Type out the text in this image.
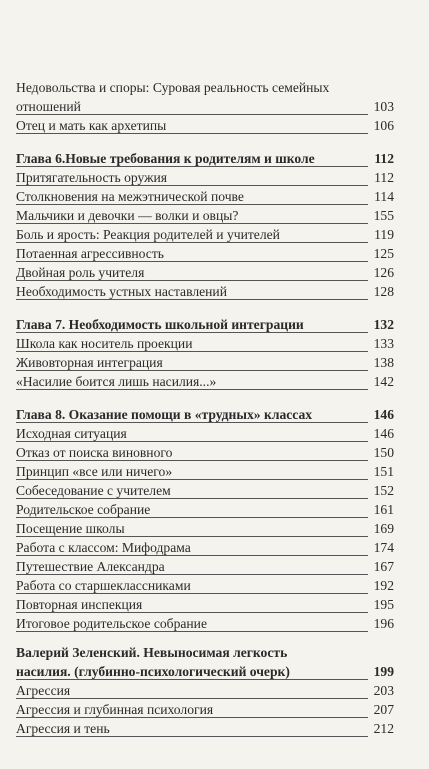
Недовольства и споры: Суровая реальность семейных отношений	103
Отец и мать как архетипы	106
Глава 6.Новые требования к родителям и школе	112
Притягательность оружия	112
Столкновения на межэтнической почве	114
Мальчики и девочки — волки и овцы?	155
Боль и ярость: Реакция родителей и учителей	119
Потаенная агрессивность	125
Двойная роль учителя	126
Необходимость устных наставлений	128
Глава 7. Необходимость школьной интеграции	132
Школа как носитель проекции	133
Живовторная интеграция	138
«Насилие боится лишь насилия...»	142
Глава 8. Оказание помощи в «трудных» классах	146
Исходная ситуация	146
Отказ от поиска виновного	150
Принцип «все или ничего»	151
Собеседование с учителем	152
Родительское собрание	161
Посещение школы	169
Работа с классом: Мифодрама	174
Путешествие Александра	167
Работа со старшеклассниками	192
Повторная инспекция	195
Итоговое родительское собрание	196
Валерий Зеленский. Невыносимая легкость насилия. (глубинно-психологический очерк)	199
Агрессия	203
Агрессия и глубинная психология	207
Агрессия и тень	212
